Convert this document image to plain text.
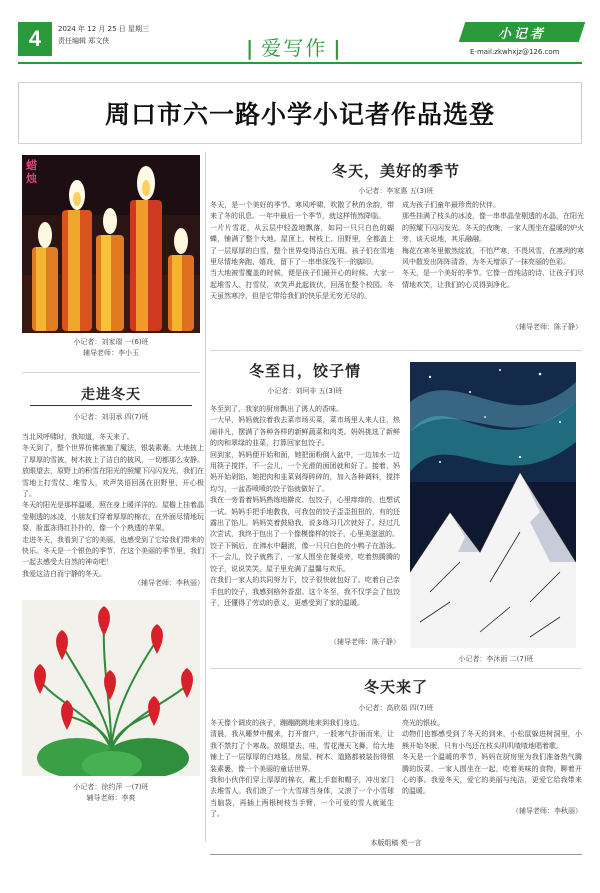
4	2024 年 12 月 25 日 星期三
责任编辑 郑文侠	| 爱写作 |
小记者
E-mail:zkwhxjz@126.com
周口市六一路小学小记者作品选登
蜡烛

小记者：刘家瑞 一(6)班

辅导老师：李小玉

走进冬天

小记者：刘羽承 四(7)班

当北风呼啸时，我知道，冬天来了。

冬天到了，整个世界仿佛被施了魔法，银装素裹。大地披上了厚厚的雪被，树木披上了洁白的披风，一切都那么安静。放眼望去，原野上的积雪在阳光的照耀下闪闪发光，我们在雪地上打雪仗、堆雪人，欢声笑语回荡在田野里，开心极了。

冬天的阳光是那样温暖，照在身上暖洋洋的。屋檐上挂着晶莹剔透的冰凌，小朋友们穿着厚厚的棉衣，在外面尽情地玩耍，脸蛋冻得红扑扑的，像一个个熟透的苹果。

走进冬天，我看到了它的美丽，也感受到了它给我们带来的快乐。冬天是一个银色的季节，在这个美丽的季节里，我们一起去感受大自然的神奇吧！

我爱这洁白而宁静的冬天。

（辅导老师：李秋丽）

小记者：徐约萍 一(7)班

辅导老师：李爽

冬天，美好的季节

小记者：李家惠 五(3)班

冬天，是一个美好的季节。寒风呼啸，吹散了秋的余韵，带来了冬的讯息。一年中最后一个季节，就这样悄然降临。

一片片雪花，从云层中轻盈地飘落，如同一只只白色的蝴蝶，铺满了整个大地。屋顶上、树枝上、田野里，全都盖上了一层厚厚的白雪，整个世界变得洁白无瑕。孩子们在雪地里尽情地奔跑、嬉戏，留下了一串串深浅不一的脚印。

当大地被雪覆盖的时候，便是孩子们最开心的时候。大家一起堆雪人、打雪仗，欢笑声此起彼伏，回荡在整个校园。冬天虽然寒冷，但是它带给我们的快乐是无穷无尽的。

成为孩子们童年最珍贵的伙伴。

那些挂满了枝头的冰凌，像一串串晶莹剔透的水晶，在阳光的照耀下闪闪发光。冬天的夜晚，一家人围坐在温暖的炉火旁，谈天说地，其乐融融。

梅花在寒冬里傲然绽放，不怕严寒，不畏风雪，在凛冽的寒风中散发出阵阵清香，为冬天增添了一抹亮丽的色彩。

冬天，是一个美好的季节。它像一首纯洁的诗，让孩子们尽情地欢笑，让我们的心灵得到净化。

（辅导老师：陈子静）

冬至日，饺子情

小记者：刘珂非 五(3)班

冬至到了，我家的厨房飘出了诱人的香味。

一大早，妈妈就拉着我去菜市场买菜，菜市场里人来人往，热闹非凡，摆满了各种各样的新鲜蔬菜和肉类。妈妈挑选了新鲜的肉和翠绿的韭菜，打算回家包饺子。

回到家，妈妈便开始和面，她把面粉倒入盆中，一边加水一边用筷子搅拌，不一会儿，一个光滑的面团就和好了。接着，妈妈开始剁馅，她把肉和韭菜剁得碎碎的，加入各种调料，搅拌均匀，一盆香喷喷的饺子馅就做好了。

我在一旁看着妈妈熟练地擀皮、包饺子，心里痒痒的，也想试一试。妈妈手把手地教我，可我包的饺子歪歪扭扭的，有的还露出了馅儿。妈妈笑着鼓励我，说多练习几次就好了。经过几次尝试，我终于包出了一个像模像样的饺子，心里美滋滋的。

饺子下锅后，在沸水中翻滚，像一只只白色的小鸭子在游泳。不一会儿，饺子就熟了，一家人围坐在餐桌旁，吃着热腾腾的饺子，说说笑笑，屋子里充满了温馨与欢乐。

在我们一家人的共同努力下，饺子很快就包好了。吃着自己亲手包的饺子，我感到格外香甜。这个冬至，我不仅学会了包饺子，还懂得了劳动的意义，更感受到了家的温暖。

（辅导老师：陈子静）

小记者：李沐雨 二(7)班

冬天来了

小记者：高欣茹 四(7)班

冬天像个调皮的孩子，蹦蹦跳跳地来到我们身边。

清晨，我从睡梦中醒来，打开窗户，一股寒气扑面而来，让我不禁打了个寒战。放眼望去，哇，雪花漫天飞舞，给大地铺上了一层厚厚的白地毯，房屋、树木、道路都被装扮得银装素裹，像一个美丽的童话世界。

我和小伙伴们穿上厚厚的棉衣，戴上手套和帽子，冲出家门去堆雪人。我们滚了一个大雪球当身体，又滚了一个小雪球当脑袋，再插上两根树枝当手臂，一个可爱的雪人就诞生了。

亮光的银妆。

动物们也都感受到了冬天的到来，小松鼠躲进树洞里，小熊开始冬眠，只有小鸟还在枝头叽叽喳喳地唱着歌。

冬天是一个温暖的季节，妈妈在厨房里为我们准备热气腾腾的饭菜，一家人围坐在一起，吃着美味的食物，聊着开心的事。我爱冬天，爱它的美丽与纯洁，更爱它给我带来的温暖。

（辅导老师：李秋丽）

本版组稿 苑一言
